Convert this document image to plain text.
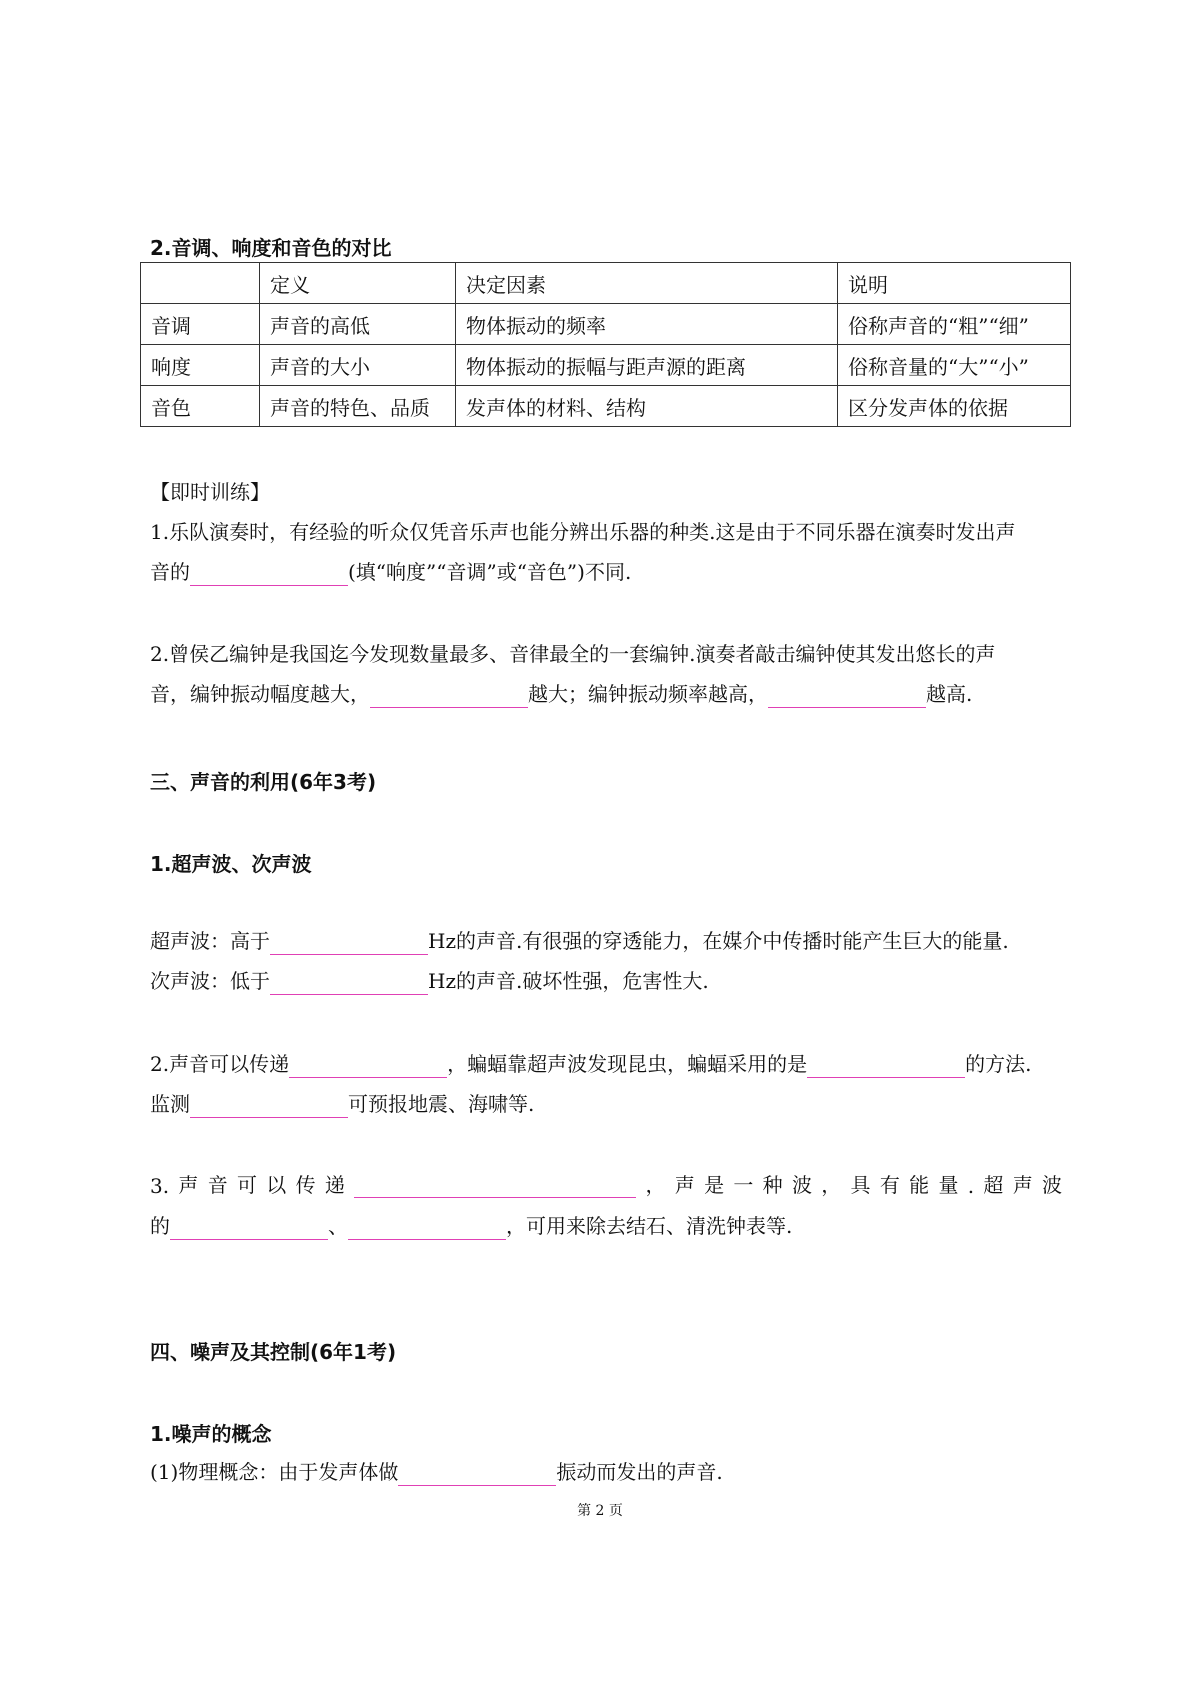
2.音调、响度和音色的对比
	定义	决定因素	说明
音调	声音的高低	物体振动的频率	俗称声音的“粗”“细”
响度	声音的大小	物体振动的振幅与距声源的距离	俗称音量的“大”“小”
音色	声音的特色、品质	发声体的材料、结构	区分发声体的依据
【即时训练】
1.乐队演奏时，有经验的听众仅凭音乐声也能分辨出乐器的种类.这是由于不同乐器在演奏时发出声
音的	(填“响度”“音调”或“音色”)不同.
2.曾侯乙编钟是我国迄今发现数量最多、音律最全的一套编钟.演奏者敲击编钟使其发出悠长的声
音，编钟振动幅度越大，	越大；编钟振动频率越高，	越高.
三、声音的利用(6年3考)
1.超声波、次声波
超声波：高于	Hz的声音.有很强的穿透能力，在媒介中传播时能产生巨大的能量.
次声波：低于	Hz的声音.破坏性强，危害性大.
2.声音可以传递	，蝙蝠靠超声波发现昆虫，蝙蝠采用的是	的方法.
监测	可预报地震、海啸等.
3. 声 音 可 以 传 递	， 声 是 一 种 波 ， 具 有 能 量 . 超 声 波
的	、	，可用来除去结石、清洗钟表等.
四、噪声及其控制(6年1考)
1.噪声的概念
(1)物理概念：由于发声体做	振动而发出的声音.
第 2 页
